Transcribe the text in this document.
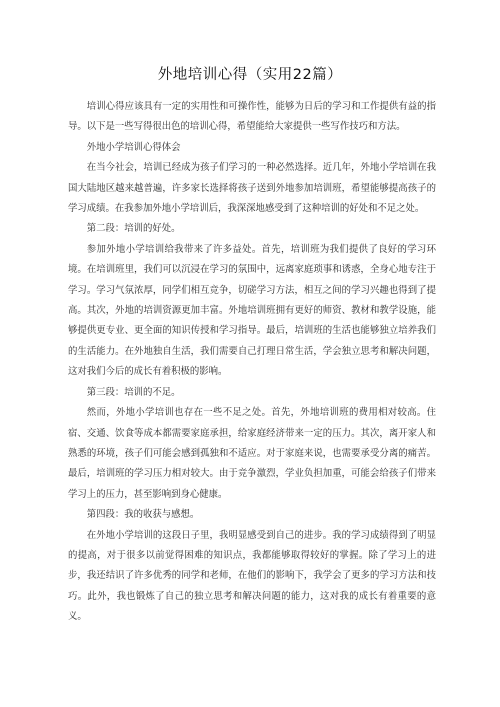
外地培训心得（实用22篇）

培训心得应该具有一定的实用性和可操作性，能够为日后的学习和工作提供有益的指导。以下是一些写得很出色的培训心得，希望能给大家提供一些写作技巧和方法。

外地小学培训心得体会

在当今社会，培训已经成为孩子们学习的一种必然选择。近几年，外地小学培训在我国大陆地区越来越普遍，许多家长选择将孩子送到外地参加培训班，希望能够提高孩子的学习成绩。在我参加外地小学培训后，我深深地感受到了这种培训的好处和不足之处。

第二段：培训的好处。

参加外地小学培训给我带来了许多益处。首先，培训班为我们提供了良好的学习环境。在培训班里，我们可以沉浸在学习的氛围中，远离家庭琐事和诱惑，全身心地专注于学习。学习气氛浓厚，同学们相互竞争，切磋学习方法，相互之间的学习兴趣也得到了提高。其次，外地的培训资源更加丰富。外地培训班拥有更好的师资、教材和教学设施，能够提供更专业、更全面的知识传授和学习指导。最后，培训班的生活也能够独立培养我们的生活能力。在外地独自生活，我们需要自己打理日常生活，学会独立思考和解决问题，这对我们今后的成长有着积极的影响。

第三段：培训的不足。

然而，外地小学培训也存在一些不足之处。首先，外地培训班的费用相对较高。住宿、交通、饮食等成本都需要家庭承担，给家庭经济带来一定的压力。其次，离开家人和熟悉的环境，孩子们可能会感到孤独和不适应。对于家庭来说，也需要承受分离的痛苦。最后，培训班的学习压力相对较大。由于竞争激烈，学业负担加重，可能会给孩子们带来学习上的压力，甚至影响到身心健康。

第四段：我的收获与感想。

在外地小学培训的这段日子里，我明显感受到自己的进步。我的学习成绩得到了明显的提高，对于很多以前觉得困难的知识点，我都能够取得较好的掌握。除了学习上的进步，我还结识了许多优秀的同学和老师，在他们的影响下，我学会了更多的学习方法和技巧。此外，我也锻炼了自己的独立思考和解决问题的能力，这对我的成长有着重要的意义。
